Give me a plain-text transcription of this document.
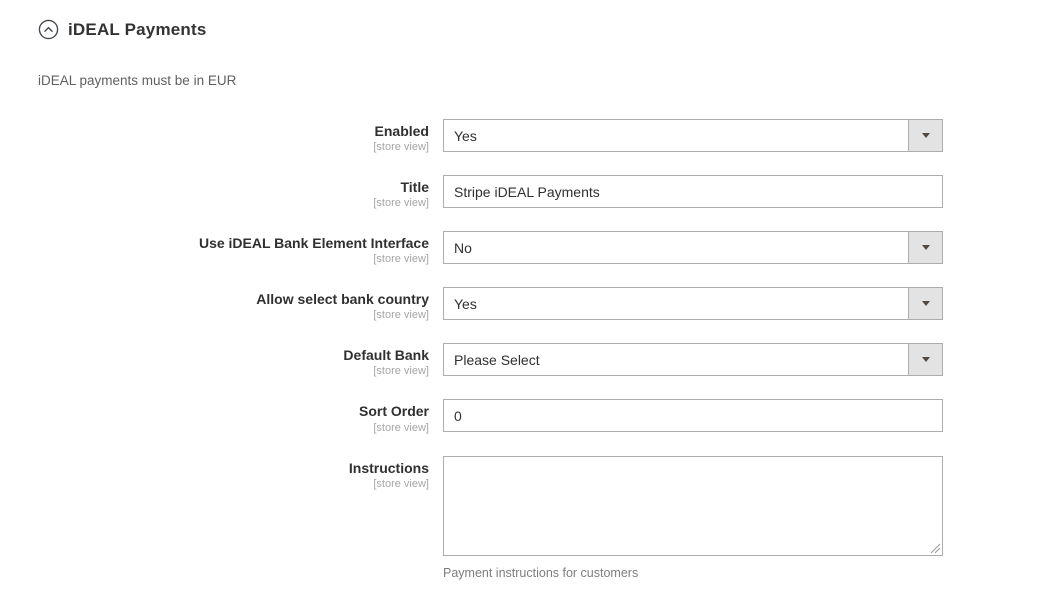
iDEAL Payments
iDEAL payments must be in EUR
Enabled
[store view]
Yes
Title
[store view]
Stripe iDEAL Payments
Use iDEAL Bank Element Interface
[store view]
No
Allow select bank country
[store view]
Yes
Default Bank
[store view]
Please Select
Sort Order
[store view]
0
Instructions
[store view]
Payment instructions for customers
